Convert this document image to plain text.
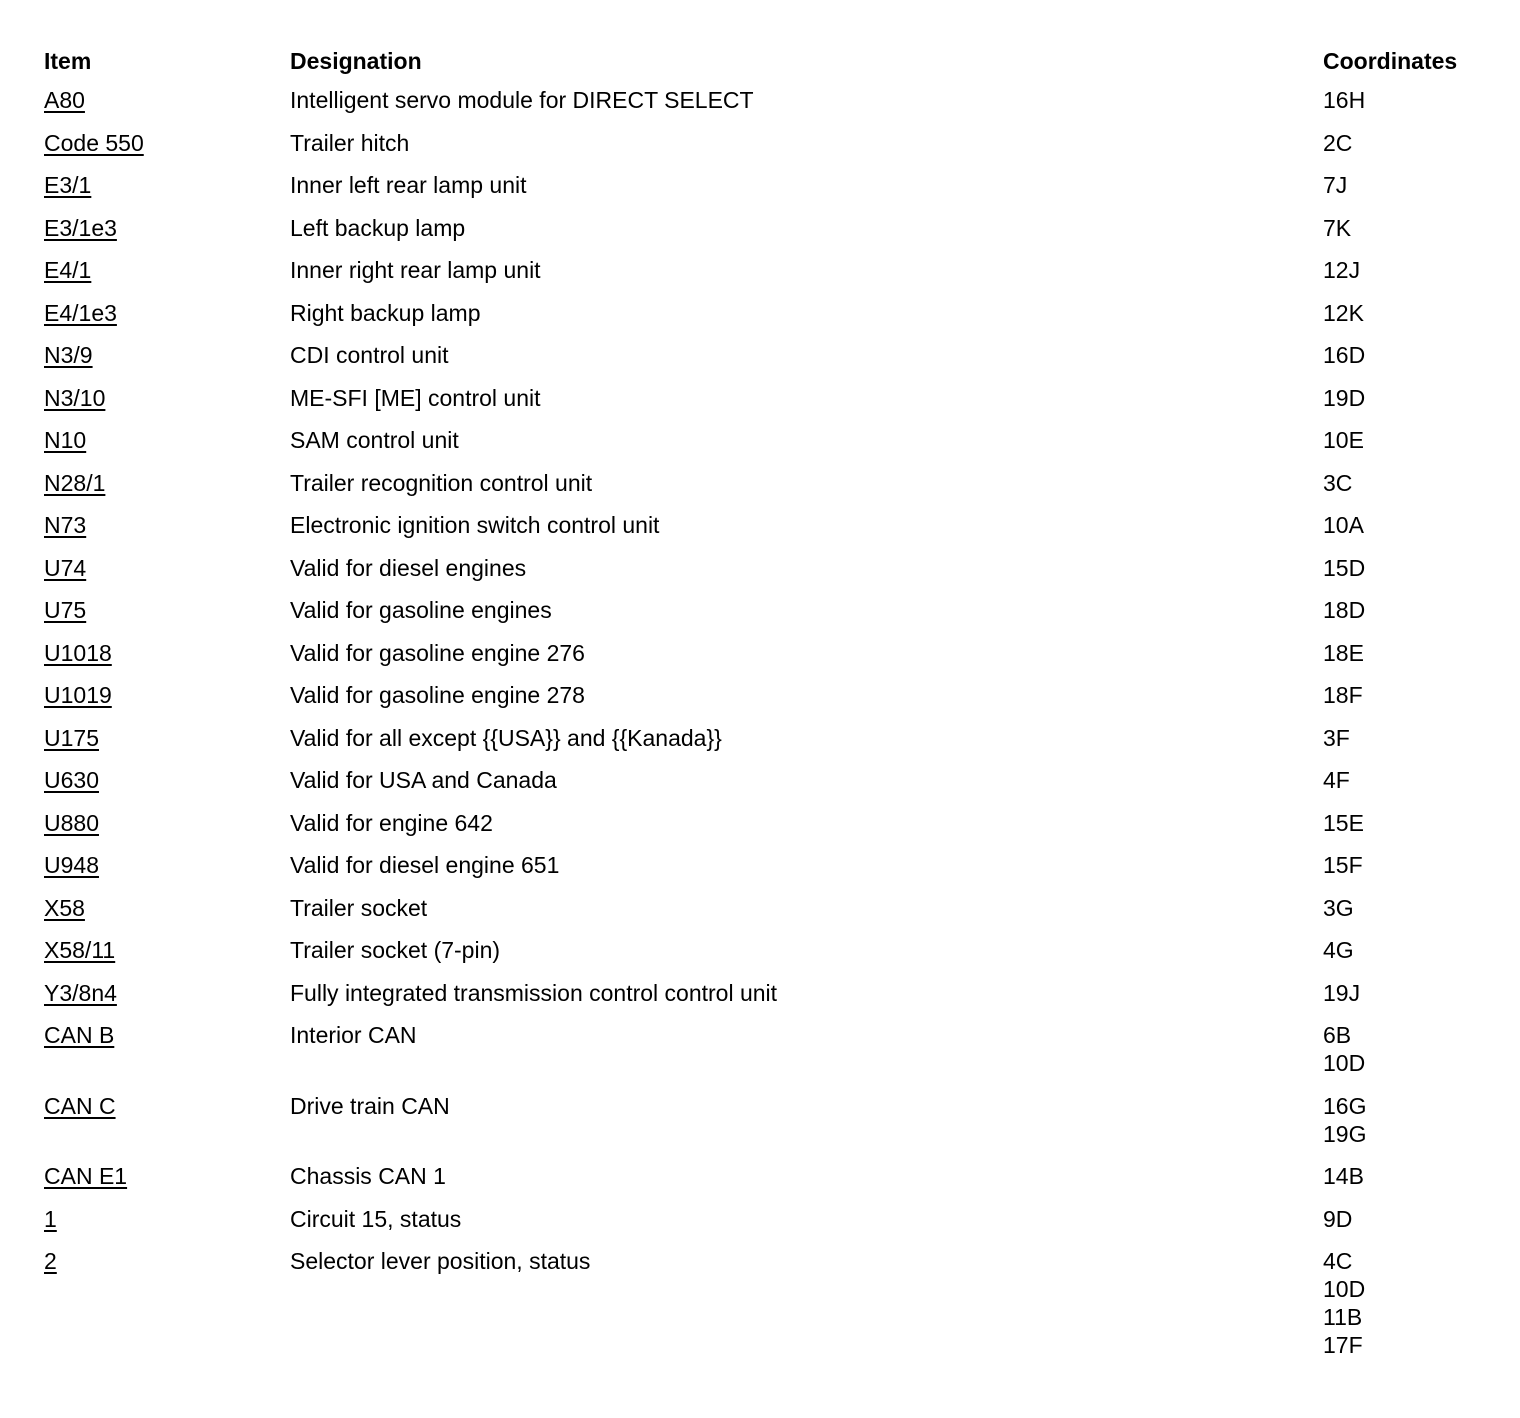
Item	Designation	Coordinates
A80	Intelligent servo module for DIRECT SELECT	16H
Code 550	Trailer hitch	2C
E3/1	Inner left rear lamp unit	7J
E3/1e3	Left backup lamp	7K
E4/1	Inner right rear lamp unit	12J
E4/1e3	Right backup lamp	12K
N3/9	CDI control unit	16D
N3/10	ME-SFI [ME] control unit	19D
N10	SAM control unit	10E
N28/1	Trailer recognition control unit	3C
N73	Electronic ignition switch control unit	10A
U74	Valid for diesel engines	15D
U75	Valid for gasoline engines	18D
U1018	Valid for gasoline engine 276	18E
U1019	Valid for gasoline engine 278	18F
U175	Valid for all except {{USA}} and {{Kanada}}	3F
U630	Valid for USA and Canada	4F
U880	Valid for engine 642	15E
U948	Valid for diesel engine 651	15F
X58	Trailer socket	3G
X58/11	Trailer socket (7-pin)	4G
Y3/8n4	Fully integrated transmission control control unit	19J
CAN B	Interior CAN	6B
10D
CAN C	Drive train CAN	16G
19G
CAN E1	Chassis CAN 1	14B
1	Circuit 15, status	9D
2	Selector lever position, status	4C
10D
11B
17F
